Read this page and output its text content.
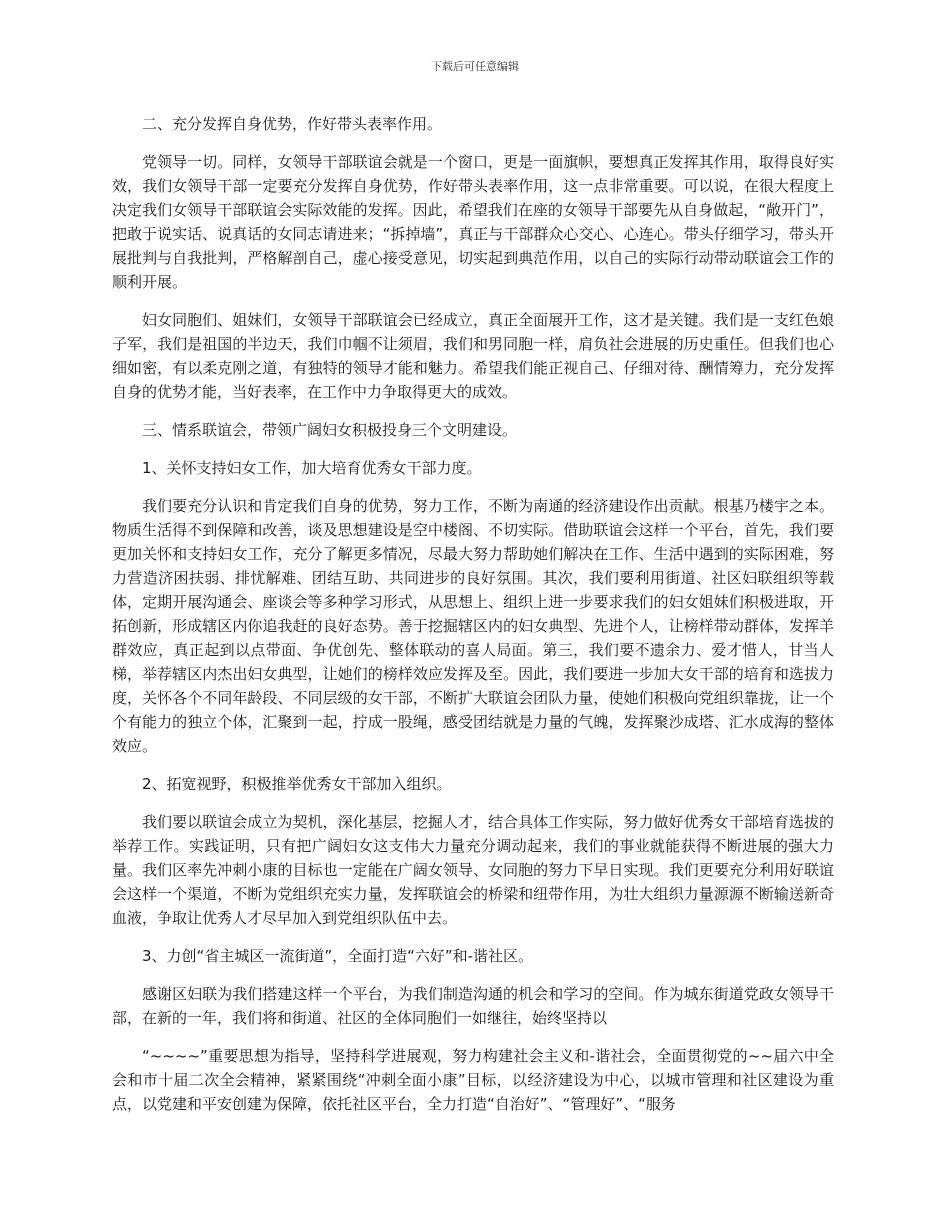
下载后可任意编辑

二、充分发挥自身优势，作好带头表率作用。

党领导一切。同样，女领导干部联谊会就是一个窗口，更是一面旗帜，要想真正发挥其作用，取得良好实效，我们女领导干部一定要充分发挥自身优势，作好带头表率作用，这一点非常重要。可以说，在很大程度上决定我们女领导干部联谊会实际效能的发挥。因此，希望我们在座的女领导干部要先从自身做起，“敞开门”，把敢于说实话、说真话的女同志请进来；“拆掉墙”，真正与干部群众心交心、心连心。带头仔细学习，带头开展批判与自我批判，严格解剖自己，虚心接受意见，切实起到典范作用，以自己的实际行动带动联谊会工作的顺利开展。

妇女同胞们、姐妹们，女领导干部联谊会已经成立，真正全面展开工作，这才是关键。我们是一支红色娘子军，我们是祖国的半边天，我们巾帼不让须眉，我们和男同胞一样，肩负社会进展的历史重任。但我们也心细如密，有以柔克刚之道，有独特的领导才能和魅力。希望我们能正视自己、仔细对待、酬情筹力，充分发挥自身的优势才能，当好表率，在工作中力争取得更大的成效。

三、情系联谊会，带领广阔妇女积极投身三个文明建设。

1、关怀支持妇女工作，加大培育优秀女干部力度。

我们要充分认识和肯定我们自身的优势，努力工作，不断为南通的经济建设作出贡献。根基乃楼宇之本。物质生活得不到保障和改善，谈及思想建设是空中楼阁、不切实际。借助联谊会这样一个平台，首先，我们要更加关怀和支持妇女工作，充分了解更多情况，尽最大努力帮助她们解决在工作、生活中遇到的实际困难，努力营造济困扶弱、排忧解难、团结互助、共同进步的良好氛围。其次，我们要利用街道、社区妇联组织等载体，定期开展沟通会、座谈会等多种学习形式，从思想上、组织上进一步要求我们的妇女姐妹们积极进取，开拓创新，形成辖区内你追我赶的良好态势。善于挖掘辖区内的妇女典型、先进个人，让榜样带动群体，发挥羊群效应，真正起到以点带面、争优创先、整体联动的喜人局面。第三，我们要不遗余力、爱才惜人，甘当人梯，举荐辖区内杰出妇女典型，让她们的榜样效应发挥及至。因此，我们要进一步加大女干部的培育和选拔力度，关怀各个不同年龄段、不同层级的女干部，不断扩大联谊会团队力量，使她们积极向党组织靠拢，让一个个有能力的独立个体，汇聚到一起，拧成一股绳，感受团结就是力量的气魄，发挥聚沙成塔、汇水成海的整体效应。

2、拓宽视野，积极推举优秀女干部加入组织。

我们要以联谊会成立为契机，深化基层，挖掘人才，结合具体工作实际，努力做好优秀女干部培育选拔的举荐工作。实践证明，只有把广阔妇女这支伟大力量充分调动起来，我们的事业就能获得不断进展的强大力量。我们区率先冲刺小康的目标也一定能在广阔女领导、女同胞的努力下早日实现。我们更要充分利用好联谊会这样一个渠道，不断为党组织充实力量，发挥联谊会的桥梁和纽带作用，为壮大组织力量源源不断输送新奇血液，争取让优秀人才尽早加入到党组织队伍中去。

3、力创“省主城区一流街道”，全面打造“六好”和-谐社区。

感谢区妇联为我们搭建这样一个平台，为我们制造沟通的机会和学习的空间。作为城东街道党政女领导干部，在新的一年，我们将和街道、社区的全体同胞们一如继往，始终坚持以

“~~~~”重要思想为指导，坚持科学进展观，努力构建社会主义和-谐社会，全面贯彻党的~~届六中全会和市十届二次全会精神，紧紧围绕“冲刺全面小康”目标，以经济建设为中心，以城市管理和社区建设为重点，以党建和平安创建为保障，依托社区平台，全力打造“自治好”、“管理好”、“服务
